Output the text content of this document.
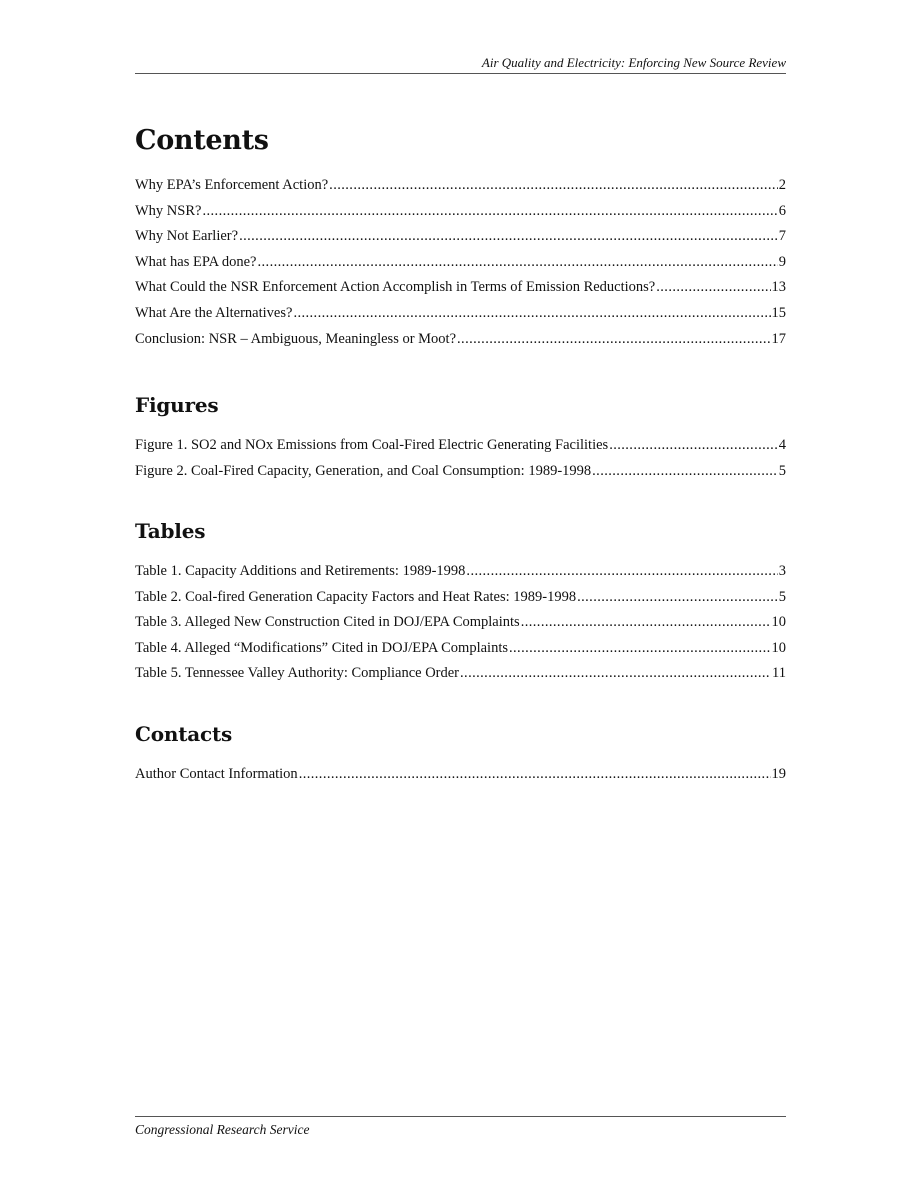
Air Quality and Electricity: Enforcing New Source Review
Contents
Why EPA’s Enforcement Action? .....	2
Why NSR? .....	6
Why Not Earlier? .....	7
What has EPA done? .....	9
What Could the NSR Enforcement Action Accomplish in Terms of Emission Reductions? .....	13
What Are the Alternatives? .....	15
Conclusion: NSR – Ambiguous, Meaningless or Moot? .....	17
Figures
Figure 1. SO2 and NOx Emissions from Coal-Fired Electric Generating Facilities .....	4
Figure 2. Coal-Fired Capacity, Generation, and Coal Consumption: 1989-1998 .....	5
Tables
Table 1. Capacity Additions and Retirements: 1989-1998 .....	3
Table 2. Coal-fired Generation Capacity Factors and Heat Rates: 1989-1998 .....	5
Table 3. Alleged New Construction Cited in DOJ/EPA Complaints .....	10
Table 4. Alleged “Modifications” Cited in DOJ/EPA Complaints .....	10
Table 5. Tennessee Valley Authority: Compliance Order .....	11
Contacts
Author Contact Information .....	19
Congressional Research Service
